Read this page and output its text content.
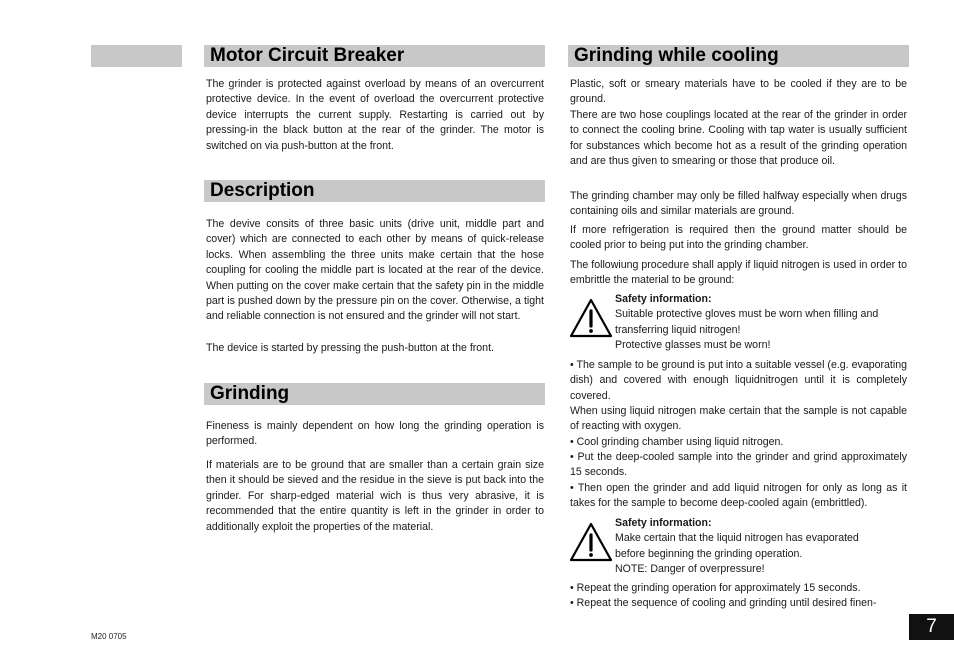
Motor Circuit Breaker

The grinder is protected against overload by means of an overcurrent protective device. In the event of overload the overcurrent protective device interrupts the current supply. Restarting is carried out by pressing-in the black button at the rear of the grinder. The motor is switched on via push-button at the front.

Description

The devive consits of three basic units (drive unit, middle part and cover) which are connected to each other by means of quick-release locks. When assembling the three units make certain that the hose coupling for cooling the middle part is located at the rear of the device. When putting on the cover make certain that the safety pin in the middle part is pushed down by the pressure pin on the cover. Otherwise, a tight and reliable connection is not ensured and the grinder will not start.

The device is started by pressing the push-button at the front.

Grinding

Fineness is mainly dependent on how long the grinding operation is performed.

If materials are to be ground that are smaller than a certain grain size then it should be sieved and the residue in the sieve is put back into the grinder. For sharp-edged material wich is thus very abrasive, it is recommended that the entire quantity is left in the grinder in order to additionally exploit the properties of the material.

Grinding while cooling

Plastic, soft or smeary materials have to be cooled if they are to be ground.

There are two hose couplings located at the rear of the grinder in order to connect the cooling brine. Cooling with tap water is usually sufficient for substances which become hot as a result of the grinding operation and are thus given to smearing or those that produce oil.

The grinding chamber may only be filled halfway especially when drugs containing oils and similar materials are ground.

If more refrigeration is required then the ground matter should be cooled prior to being put into the grinding chamber.

The followiung procedure shall apply if liquid nitrogen is used in order to embrittle the material to be ground:

Safety information:
Suitable protective gloves must be worn when filling and
transferring liquid nitrogen!
Protective glasses must be worn!

• The sample to be ground is put into a suitable vessel (e.g. evaporating dish) and covered with enough liquidnitrogen until it is completely covered.

When using liquid nitrogen make certain that the sample is not capable of reacting with oxygen.

• Cool grinding chamber using liquid nitrogen.

• Put the deep-cooled sample into the grinder and grind approximately 15 seconds.

• Then open the grinder and add liquid nitrogen for only as long as it takes for the sample to become deep-cooled again (embrittled).

Safety information:
Make certain that the liquid nitrogen has evaporated
before beginning the grinding operation.
NOTE: Danger of overpressure!

• Repeat the grinding operation for approximately 15 seconds.

• Repeat the sequence of cooling and grinding until desired finen-

M20 0705	7
